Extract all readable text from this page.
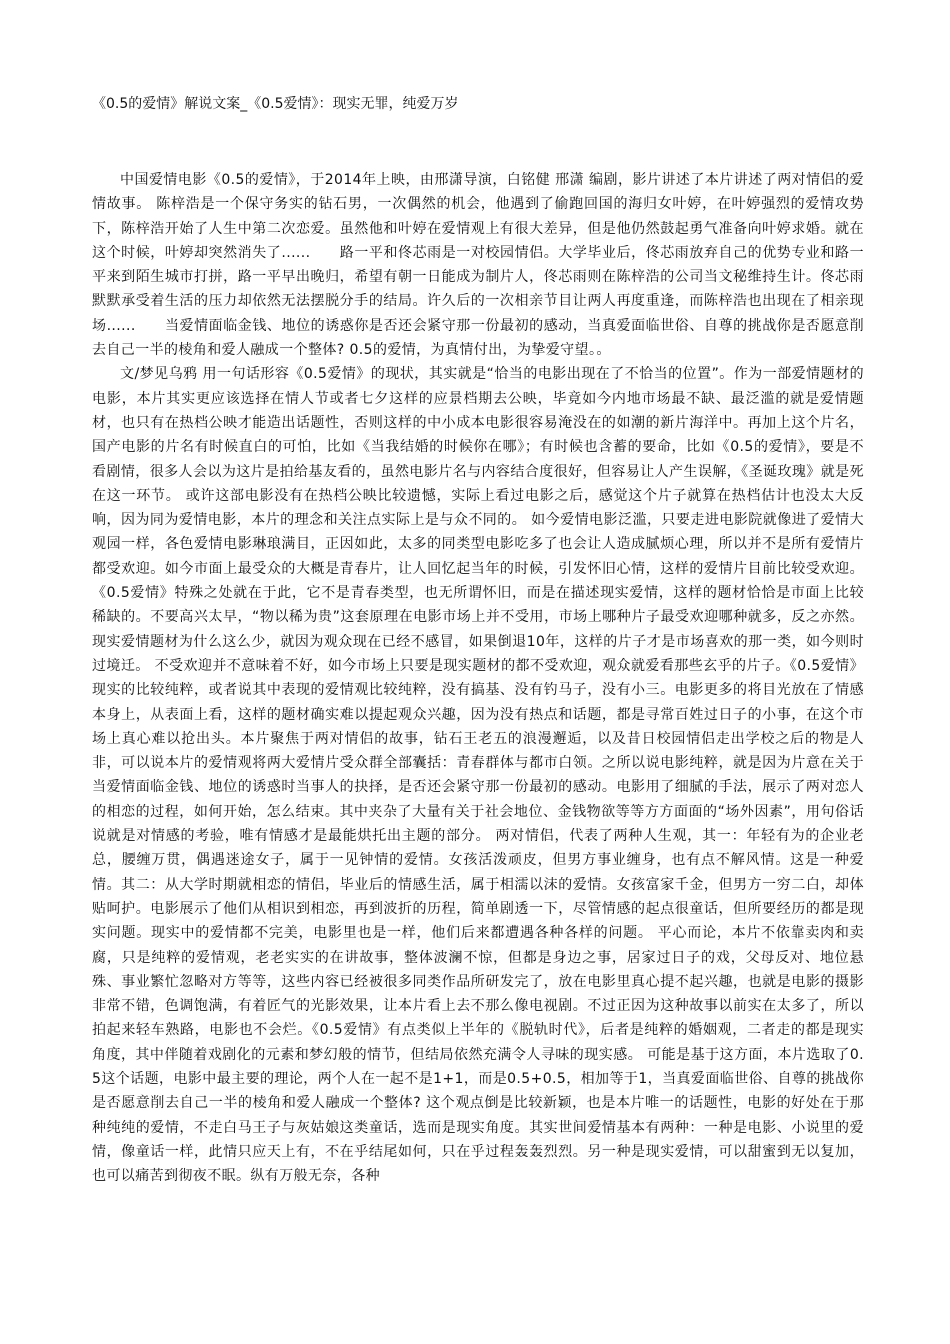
《0.5的爱情》解说文案_《0.5爱情》：现实无罪，纯爱万岁

中国爱情电影《0.5的爱情》，于2014年上映，由邢潇导演，白铭健 邢潇 编剧，影片讲述了本片讲述了两对情侣的爱情故事。 陈梓浩是一个保守务实的钻石男，一次偶然的机会，他遇到了偷跑回国的海归女叶婷，在叶婷强烈的爱情攻势下，陈梓浩开始了人生中第二次恋爱。虽然他和叶婷在爱情观上有很大差异，但是他仍然鼓起勇气准备向叶婷求婚。就在这个时候，叶婷却突然消失了......　　路一平和佟芯雨是一对校园情侣。大学毕业后，佟芯雨放弃自己的优势专业和路一平来到陌生城市打拼，路一平早出晚归，希望有朝一日能成为制片人，佟芯雨则在陈梓浩的公司当文秘维持生计。佟芯雨默默承受着生活的压力却依然无法摆脱分手的结局。许久后的一次相亲节目让两人再度重逢，而陈梓浩也出现在了相亲现场......　　当爱情面临金钱、地位的诱惑你是否还会紧守那一份最初的感动，当真爱面临世俗、自尊的挑战你是否愿意削去自己一半的棱角和爱人融成一个整体? 0.5的爱情，为真情付出，为挚爱守望。。

文/梦见乌鸦 用一句话形容《0.5爱情》的现状，其实就是“恰当的电影出现在了不恰当的位置”。作为一部爱情题材的电影，本片其实更应该选择在情人节或者七夕这样的应景档期去公映，毕竟如今内地市场最不缺、最泛滥的就是爱情题材，也只有在热档公映才能造出话题性，否则这样的中小成本电影很容易淹没在的如潮的新片海洋中。再加上这个片名，国产电影的片名有时候直白的可怕，比如《当我结婚的时候你在哪》；有时候也含蓄的要命，比如《0.5的爱情》，要是不看剧情，很多人会以为这片是拍给基友看的，虽然电影片名与内容结合度很好，但容易让人产生误解，《圣诞玫瑰》就是死在这一环节。 或许这部电影没有在热档公映比较遗憾，实际上看过电影之后，感觉这个片子就算在热档估计也没太大反响，因为同为爱情电影，本片的理念和关注点实际上是与众不同的。 如今爱情电影泛滥，只要走进电影院就像进了爱情大观园一样，各色爱情电影琳琅满目，正因如此，太多的同类型电影吃多了也会让人造成腻烦心理，所以并不是所有爱情片都受欢迎。如今市面上最受众的大概是青春片，让人回忆起当年的时候，引发怀旧心情，这样的爱情片目前比较受欢迎。《0.5爱情》特殊之处就在于此，它不是青春类型，也无所谓怀旧，而是在描述现实爱情，这样的题材恰恰是市面上比较稀缺的。不要高兴太早，“物以稀为贵”这套原理在电影市场上并不受用，市场上哪种片子最受欢迎哪种就多，反之亦然。现实爱情题材为什么这么少，就因为观众现在已经不感冒，如果倒退10年，这样的片子才是市场喜欢的那一类，如今则时过境迁。 不受欢迎并不意味着不好，如今市场上只要是现实题材的都不受欢迎，观众就爱看那些玄乎的片子。《0.5爱情》现实的比较纯粹，或者说其中表现的爱情观比较纯粹，没有搞基、没有钓马子，没有小三。电影更多的将目光放在了情感本身上，从表面上看，这样的题材确实难以提起观众兴趣，因为没有热点和话题，都是寻常百姓过日子的小事，在这个市场上真心难以抢出头。本片聚焦于两对情侣的故事，钻石王老五的浪漫邂逅，以及昔日校园情侣走出学校之后的物是人非，可以说本片的爱情观将两大爱情片受众群全部囊括：青春群体与都市白领。之所以说电影纯粹，就是因为片意在关于当爱情面临金钱、地位的诱惑时当事人的抉择，是否还会紧守那一份最初的感动。电影用了细腻的手法，展示了两对恋人的相恋的过程，如何开始，怎么结束。其中夹杂了大量有关于社会地位、金钱物欲等等方方面面的“场外因素”，用句俗话说就是对情感的考验，唯有情感才是最能烘托出主题的部分。 两对情侣，代表了两种人生观，其一：年轻有为的企业老总，腰缠万贯，偶遇迷途女子，属于一见钟情的爱情。女孩活泼顽皮，但男方事业缠身，也有点不解风情。这是一种爱情。其二：从大学时期就相恋的情侣，毕业后的情感生活，属于相濡以沫的爱情。女孩富家千金，但男方一穷二白，却体贴呵护。电影展示了他们从相识到相恋，再到波折的历程，简单剧透一下，尽管情感的起点很童话，但所要经历的都是现实问题。现实中的爱情都不完美，电影里也是一样，他们后来都遭遇各种各样的问题。 平心而论，本片不依靠卖肉和卖腐，只是纯粹的爱情观，老老实实的在讲故事，整体波澜不惊，但都是身边之事，居家过日子的戏，父母反对、地位悬殊、事业繁忙忽略对方等等，这些内容已经被很多同类作品所研发完了，放在电影里真心提不起兴趣，也就是电影的摄影非常不错，色调饱满，有着匠气的光影效果，让本片看上去不那么像电视剧。不过正因为这种故事以前实在太多了，所以拍起来轻车熟路，电影也不会烂。《0.5爱情》有点类似上半年的《脱轨时代》，后者是纯粹的婚姻观，二者走的都是现实角度，其中伴随着戏剧化的元素和梦幻般的情节，但结局依然充满令人寻味的现实感。 可能是基于这方面，本片选取了0.5这个话题，电影中最主要的理论，两个人在一起不是1+1，而是0.5+0.5，相加等于1，当真爱面临世俗、自尊的挑战你是否愿意削去自己一半的棱角和爱人融成一个整体? 这个观点倒是比较新颖，也是本片唯一的话题性，电影的好处在于那种纯纯的爱情，不走白马王子与灰姑娘这类童话，选而是现实角度。其实世间爱情基本有两种：一种是电影、小说里的爱情，像童话一样，此情只应天上有，不在乎结尾如何，只在乎过程轰轰烈烈。另一种是现实爱情，可以甜蜜到无以复加，也可以痛苦到彻夜不眠。纵有万般无奈，各种
